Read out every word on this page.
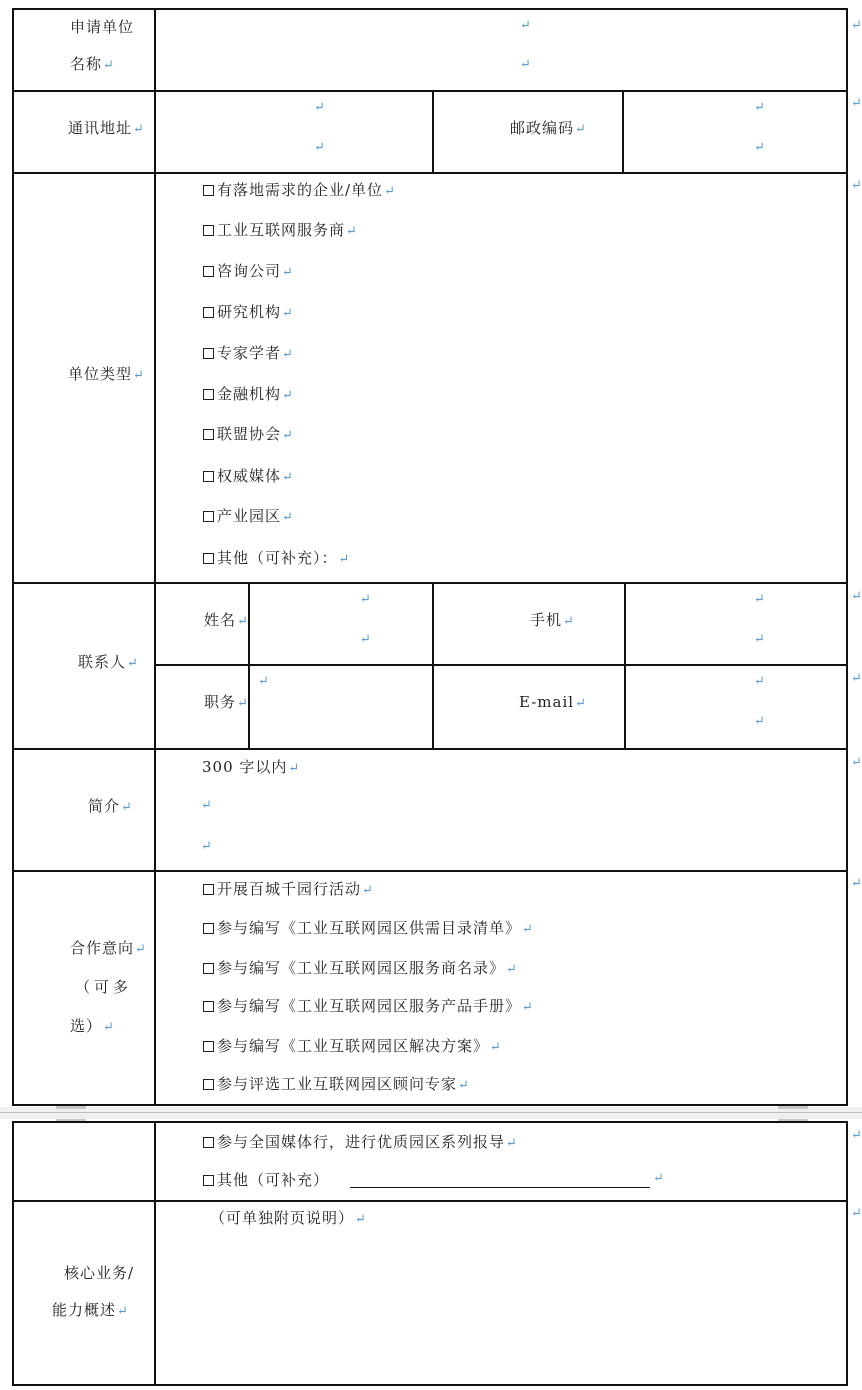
申请单位
名称↵
↵
↵
↵
通讯地址↵
↵
↵
邮政编码↵
↵
↵
↵
单位类型↵
↵
有落地需求的企业/单位↵
工业互联网服务商↵
咨询公司↵
研究机构↵
专家学者↵
金融机构↵
联盟协会↵
权威媒体↵
产业园区↵
其他（可补充）：↵
联系人↵
姓名↵
↵
↵
手机↵
↵
↵
↵
职务↵
↵
E-mail↵
↵
↵
↵
简介↵
300 字以内↵
↵
↵
↵
合作意向↵
（可多
选）↵
↵
开展百城千园行活动↵
参与编写《工业互联网园区供需目录清单》↵
参与编写《工业互联网园区服务商名录》↵
参与编写《工业互联网园区服务产品手册》↵
参与编写《工业互联网园区解决方案》↵
参与评选工业互联网园区顾问专家↵
↵
参与全国媒体行，进行优质园区系列报导↵
其他（可补充）	↵
↵
（可单独附页说明）↵
核心业务/
能力概述↵
